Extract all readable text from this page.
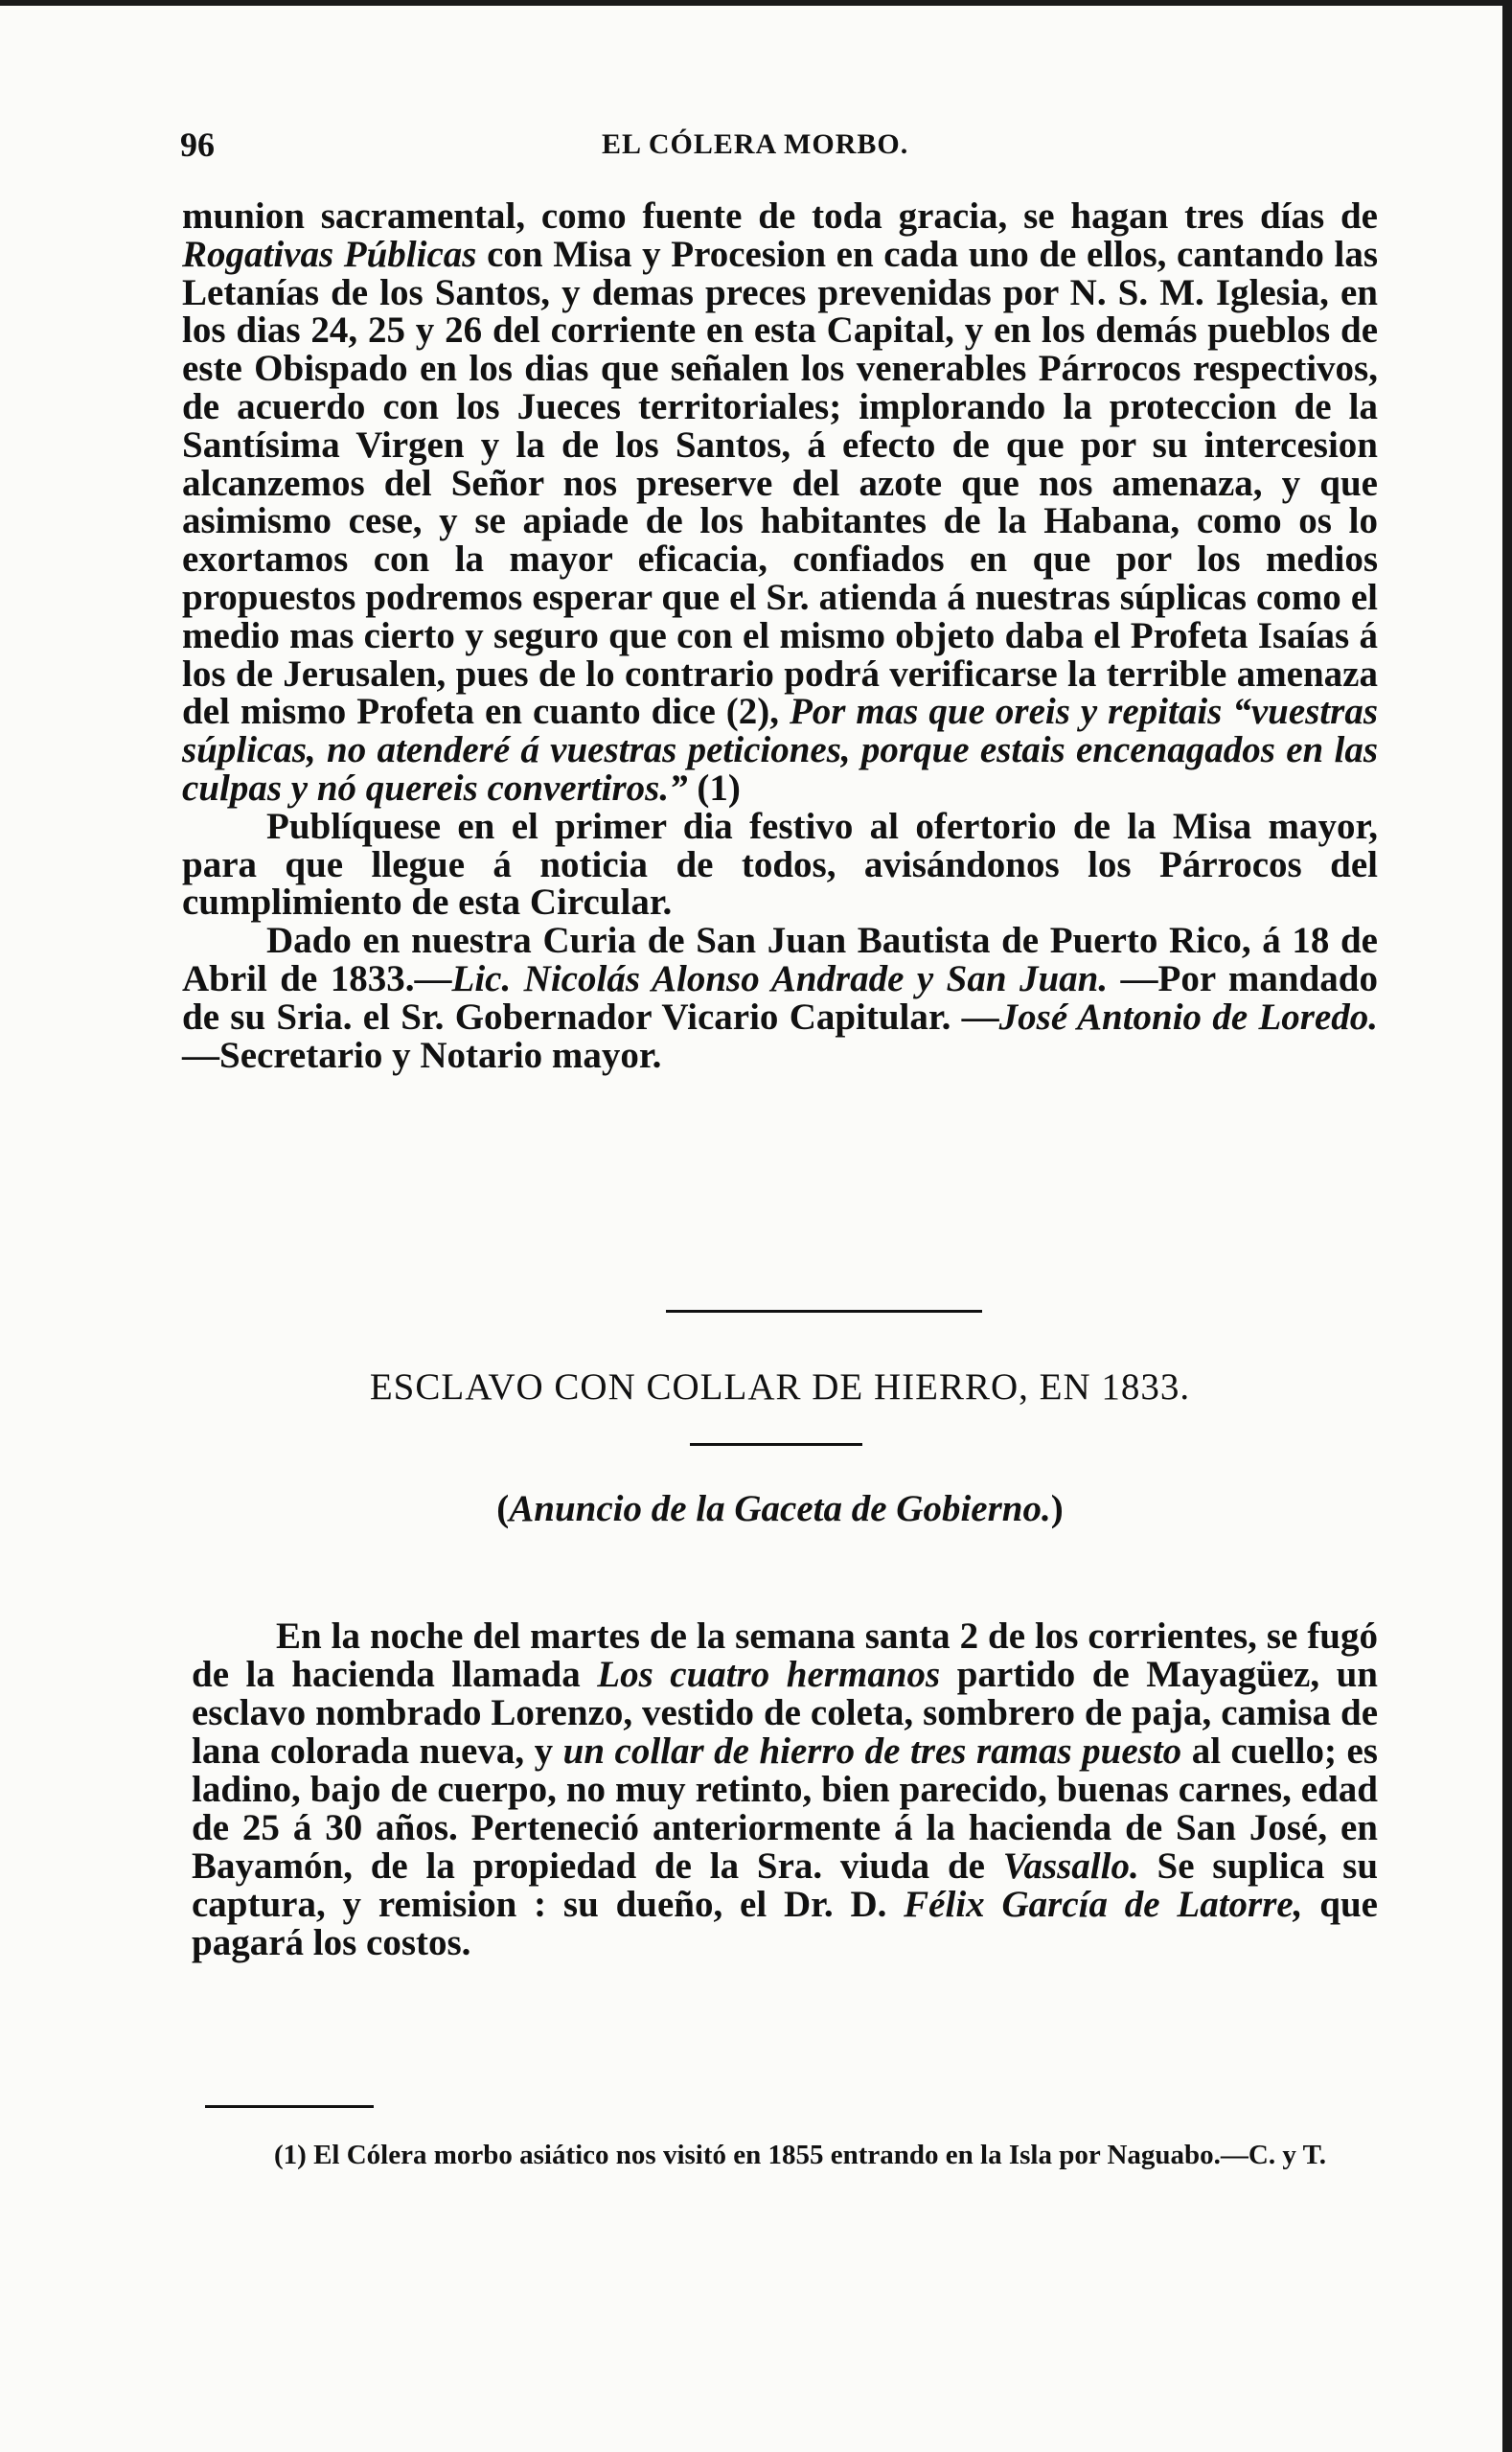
96	EL CÓLERA MORBO.

munion sacramental, como fuente de toda gracia, se hagan tres días de Rogativas Públicas con Misa y Procesion en cada uno de ellos, cantando las Letanías de los Santos, y demas preces prevenidas por N. S. M. Iglesia, en los dias 24, 25 y 26 del corriente en esta Capital, y en los demás pueblos de este Obispado en los dias que señalen los venerables Párrocos respectivos, de acuerdo con los Jueces territoriales; implorando la proteccion de la Santísima Virgen y la de los Santos, á efecto de que por su intercesion alcanzemos del Señor nos preserve del azote que nos amenaza, y que asimismo cese, y se apiade de los habitantes de la Habana, como os lo exortamos con la mayor eficacia, confiados en que por los medios propuestos podremos esperar que el Sr. atienda á nuestras súplicas como el medio mas cierto y seguro que con el mismo objeto daba el Profeta Isaías á los de Jerusalen, pues de lo contrario podrá verificarse la terrible amenaza del mismo Profeta en cuanto dice (2), Por mas que oreis y repitais “vuestras súplicas, no atenderé á vuestras peticiones, porque estais encenagados en las culpas y nó quereis convertiros.” (1)

Publíquese en el primer dia festivo al ofertorio de la Misa mayor, para que llegue á noticia de todos, avisándonos los Párrocos del cumplimiento de esta Circular.

Dado en nuestra Curia de San Juan Bautista de Puerto Rico, á 18 de Abril de 1833.—Lic. Nicolás Alonso Andrade y San Juan. —Por mandado de su Sria. el Sr. Gobernador Vicario Capitular. —José Antonio de Loredo.—Secretario y Notario mayor.

ESCLAVO CON COLLAR DE HIERRO, EN 1833.
(Anuncio de la Gaceta de Gobierno.)

En la noche del martes de la semana santa 2 de los corrientes, se fugó de la hacienda llamada Los cuatro hermanos partido de Mayagüez, un esclavo nombrado Lorenzo, vestido de coleta, sombrero de paja, camisa de lana colorada nueva, y un collar de hierro de tres ramas puesto al cuello; es ladino, bajo de cuerpo, no muy retinto, bien parecido, buenas carnes, edad de 25 á 30 años. Perteneció anteriormente á la hacienda de San José, en Bayamón, de la propiedad de la Sra. viuda de Vassallo. Se suplica su captura, y remision : su dueño, el Dr. D. Félix García de Latorre, que pagará los costos.

(1) El Cólera morbo asiático nos visitó en 1855 entrando en la Isla por Naguabo.—C. y T.
